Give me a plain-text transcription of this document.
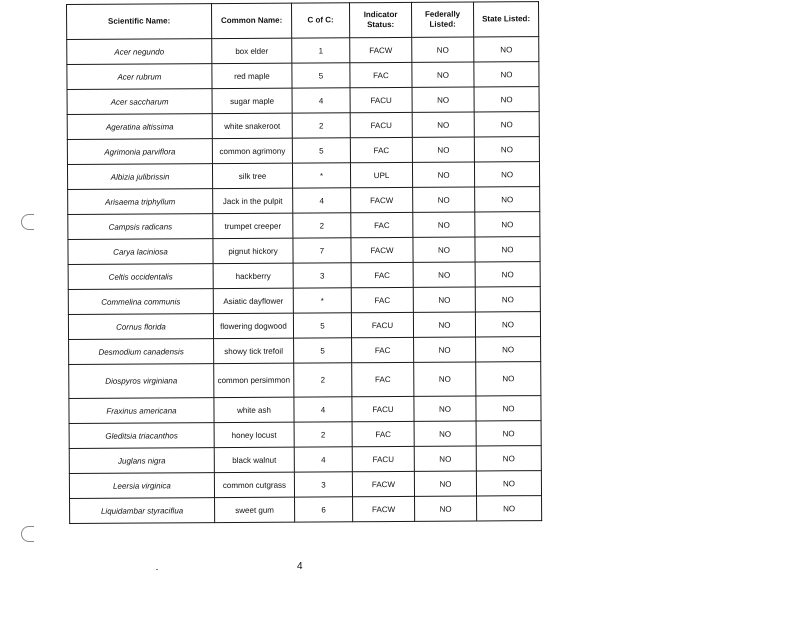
Scientific Name:	Common Name:	C of C:	Indicator Status:	Federally Listed:	State Listed:
Acer negundo	box elder	1	FACW	NO	NO
Acer rubrum	red maple	5	FAC	NO	NO
Acer saccharum	sugar maple	4	FACU	NO	NO
Ageratina altissima	white snakeroot	2	FACU	NO	NO
Agrimonia parviflora	common agrimony	5	FAC	NO	NO
Albizia julibrissin	silk tree	*	UPL	NO	NO
Arisaema triphyllum	Jack in the pulpit	4	FACW	NO	NO
Campsis radicans	trumpet creeper	2	FAC	NO	NO
Carya laciniosa	pignut hickory	7	FACW	NO	NO
Celtis occidentalis	hackberry	3	FAC	NO	NO
Commelina communis	Asiatic dayflower	*	FAC	NO	NO
Cornus florida	flowering dogwood	5	FACU	NO	NO
Desmodium canadensis	showy tick trefoil	5	FAC	NO	NO
Diospyros virginiana	common persimmon	2	FAC	NO	NO
Fraxinus americana	white ash	4	FACU	NO	NO
Gleditsia triacanthos	honey locust	2	FAC	NO	NO
Juglans nigra	black walnut	4	FACU	NO	NO
Leersia virginica	common cutgrass	3	FACW	NO	NO
Liquidambar styraciflua	sweet gum	6	FACW	NO	NO
4
